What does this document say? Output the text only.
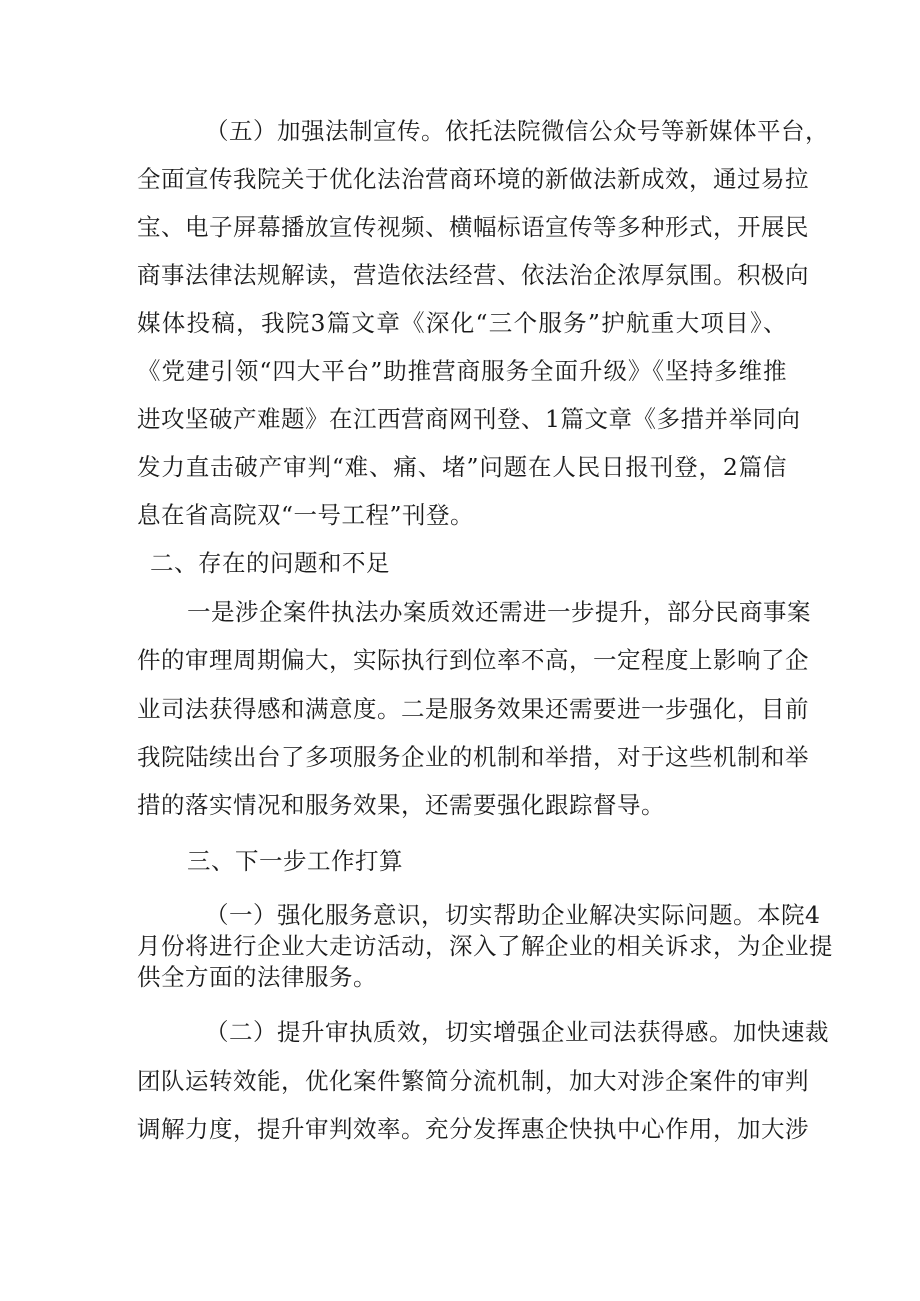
（五）加强法制宣传。依托法院微信公众号等新媒体平台，
全面宣传我院关于优化法治营商环境的新做法新成效，通过易拉
宝、电子屏幕播放宣传视频、横幅标语宣传等多种形式，开展民
商事法律法规解读，营造依法经营、依法治企浓厚氛围。积极向
媒体投稿，我院3篇文章《深化“三个服务”护航重大项目》、
《党建引领“四大平台”助推营商服务全面升级》《坚持多维推
进攻坚破产难题》在江西营商网刊登、1篇文章《多措并举同向
发力直击破产审判“难、痛、堵”问题在人民日报刊登，2篇信
息在省高院双“一号工程”刊登。
二、存在的问题和不足
一是涉企案件执法办案质效还需进一步提升，部分民商事案
件的审理周期偏大，实际执行到位率不高，一定程度上影响了企
业司法获得感和满意度。二是服务效果还需要进一步强化，目前
我院陆续出台了多项服务企业的机制和举措，对于这些机制和举
措的落实情况和服务效果，还需要强化跟踪督导。
三、下一步工作打算
（一）强化服务意识，切实帮助企业解决实际问题。本院4
月份将进行企业大走访活动，深入了解企业的相关诉求，为企业提
供全方面的法律服务。
（二）提升审执质效，切实增强企业司法获得感。加快速裁
团队运转效能，优化案件繁简分流机制，加大对涉企案件的审判
调解力度，提升审判效率。充分发挥惠企快执中心作用，加大涉
